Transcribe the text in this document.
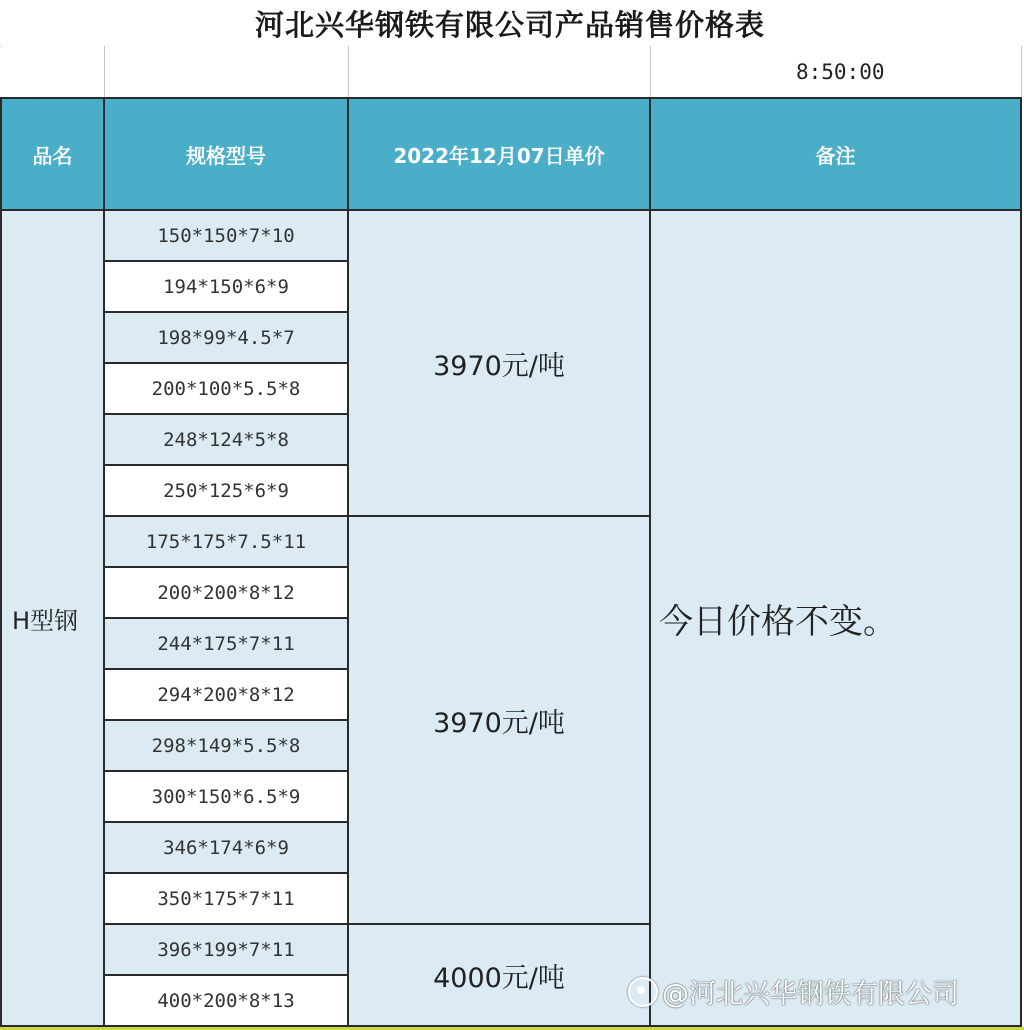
河北兴华钢铁有限公司产品销售价格表
			8:50:00
品名	规格型号	2022年12月07日单价	备注
H型钢	150*150*7*10	3970元/吨	今日价格不变。
	194*150*6*9		
	198*99*4.5*7		
	200*100*5.5*8		
	248*124*5*8		
	250*125*6*9		
	175*175*7.5*11	3970元/吨	
	200*200*8*12		
	244*175*7*11		
	294*200*8*12		
	298*149*5.5*8		
	300*150*6.5*9		
	346*174*6*9		
	350*175*7*11		
	396*199*7*11	4000元/吨	
	400*200*8*13			@河北兴华钢铁有限公司
